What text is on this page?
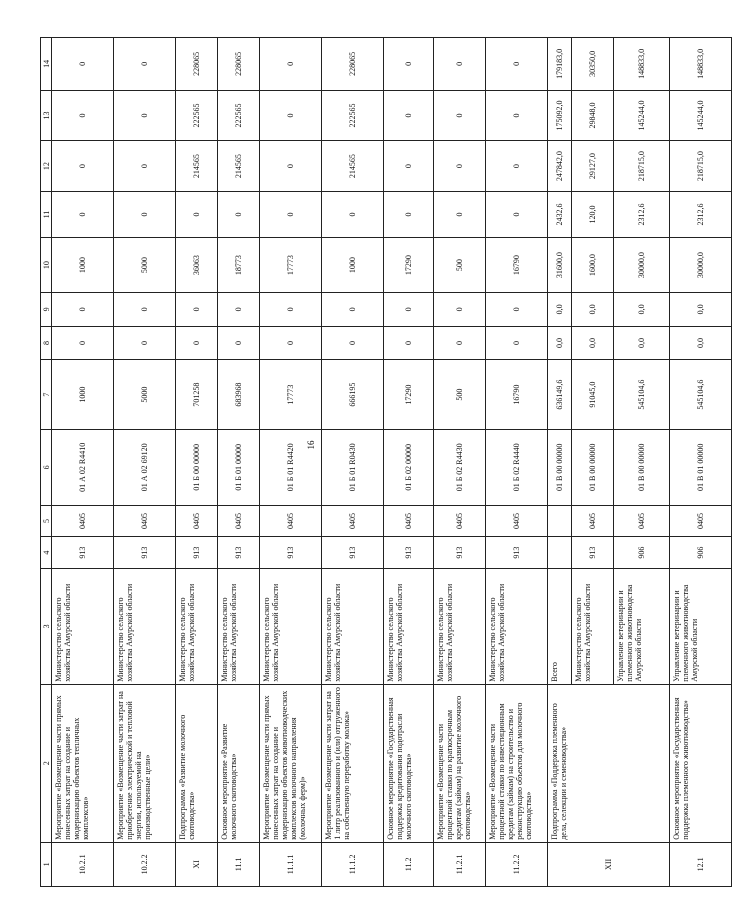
16
1	2	3	4	5	6	7	8	9	10	11	12	13	14
10.2.1	Мероприятие «Возмещение части прямых понесенных затрат на создание и модернизацию объектов тепличных комплексов»	Министерство сельского хозяйства Амурской области	913	0405	01 А 02 R4410	1000	0	0	1000	0	0	0	0
10.2.2	Мероприятие «Возмещение части затрат на приобретение электрической и тепловой энергии, используемой на производственные цели»	Министерство сельского хозяйства Амурской области	913	0405	01 А 02 69120	5000	0	0	5000	0	0	0	0
XI	Подпрограмма «Развитие молочного скотоводства»	Министерство сельского хозяйства Амурской области	913	0405	01 Б 00 00000	701258	0	0	36063	0	214565	222565	228065
11.1	Основное мероприятие «Развитие молочного скотоводства»	Министерство сельского хозяйства Амурской области	913	0405	01 Б 01 00000	683968	0	0	18773	0	214565	222565	228065
11.1.1	Мероприятие «Возмещение части прямых понесенных затрат на создание и модернизацию объектов животноводческих комплексов молочного направления (молочных ферм)»	Министерство сельского хозяйства Амурской области	913	0405	01 Б 01 R4420	17773	0	0	17773	0	0	0	0
11.1.2	Мероприятие «Возмещение части затрат на 1 литр реализованного и (или) отгруженного на собственную переработку молока»	Министерство сельского хозяйства Амурской области	913	0405	01 Б 01 R0430	666195	0	0	1000	0	214565	222565	228065
11.2	Основное мероприятие «Государственная поддержка кредитования подотрасли молочного скотоводства»	Министерство сельского хозяйства Амурской области	913	0405	01 Б 02 00000	17290	0	0	17290	0	0	0	0
11.2.1	Мероприятие «Возмещение части процентной ставки по краткосрочным кредитам (займам) на развитие молочного скотоводства»	Министерство сельского хозяйства Амурской области	913	0405	01 Б 02 R4430	500	0	0	500	0	0	0	0
11.2.2	Мероприятие «Возмещение части процентной ставки по инвестиционным кредитам (займам) на строительство и реконструкцию объектов для молочного скотоводства»	Министерство сельского хозяйства Амурской области	913	0405	01 Б 02 R4440	16790	0	0	16790	0	0	0	0
XII	Подпрограмма «Поддержка племенного дела, селекции и семеноводства»	Всего			01 В 00 00000	636149,6	0,0	0,0	31600,0	2432,6	247842,0	175092,0	179183,0
		Министерство сельского хозяйства Амурской области	913	0405	01 В 00 00000	91045,0	0,0	0,0	1600,0	120,0	29127,0	29848,0	30350,0
		Управление ветеринарии и племенного животноводства Амурской области	906	0405	01 В 00 00000	545104,6	0,0	0,0	30000,0	2312,6	218715,0	145244,0	148833,0
12.1	Основное мероприятие «Государственная поддержка племенного животноводства»	Управление ветеринарии и племенного животноводства Амурской области	906	0405	01 В 01 00000	545104,6	0,0	0,0	30000,0	2312,6	218715,0	145244,0	148833,0
